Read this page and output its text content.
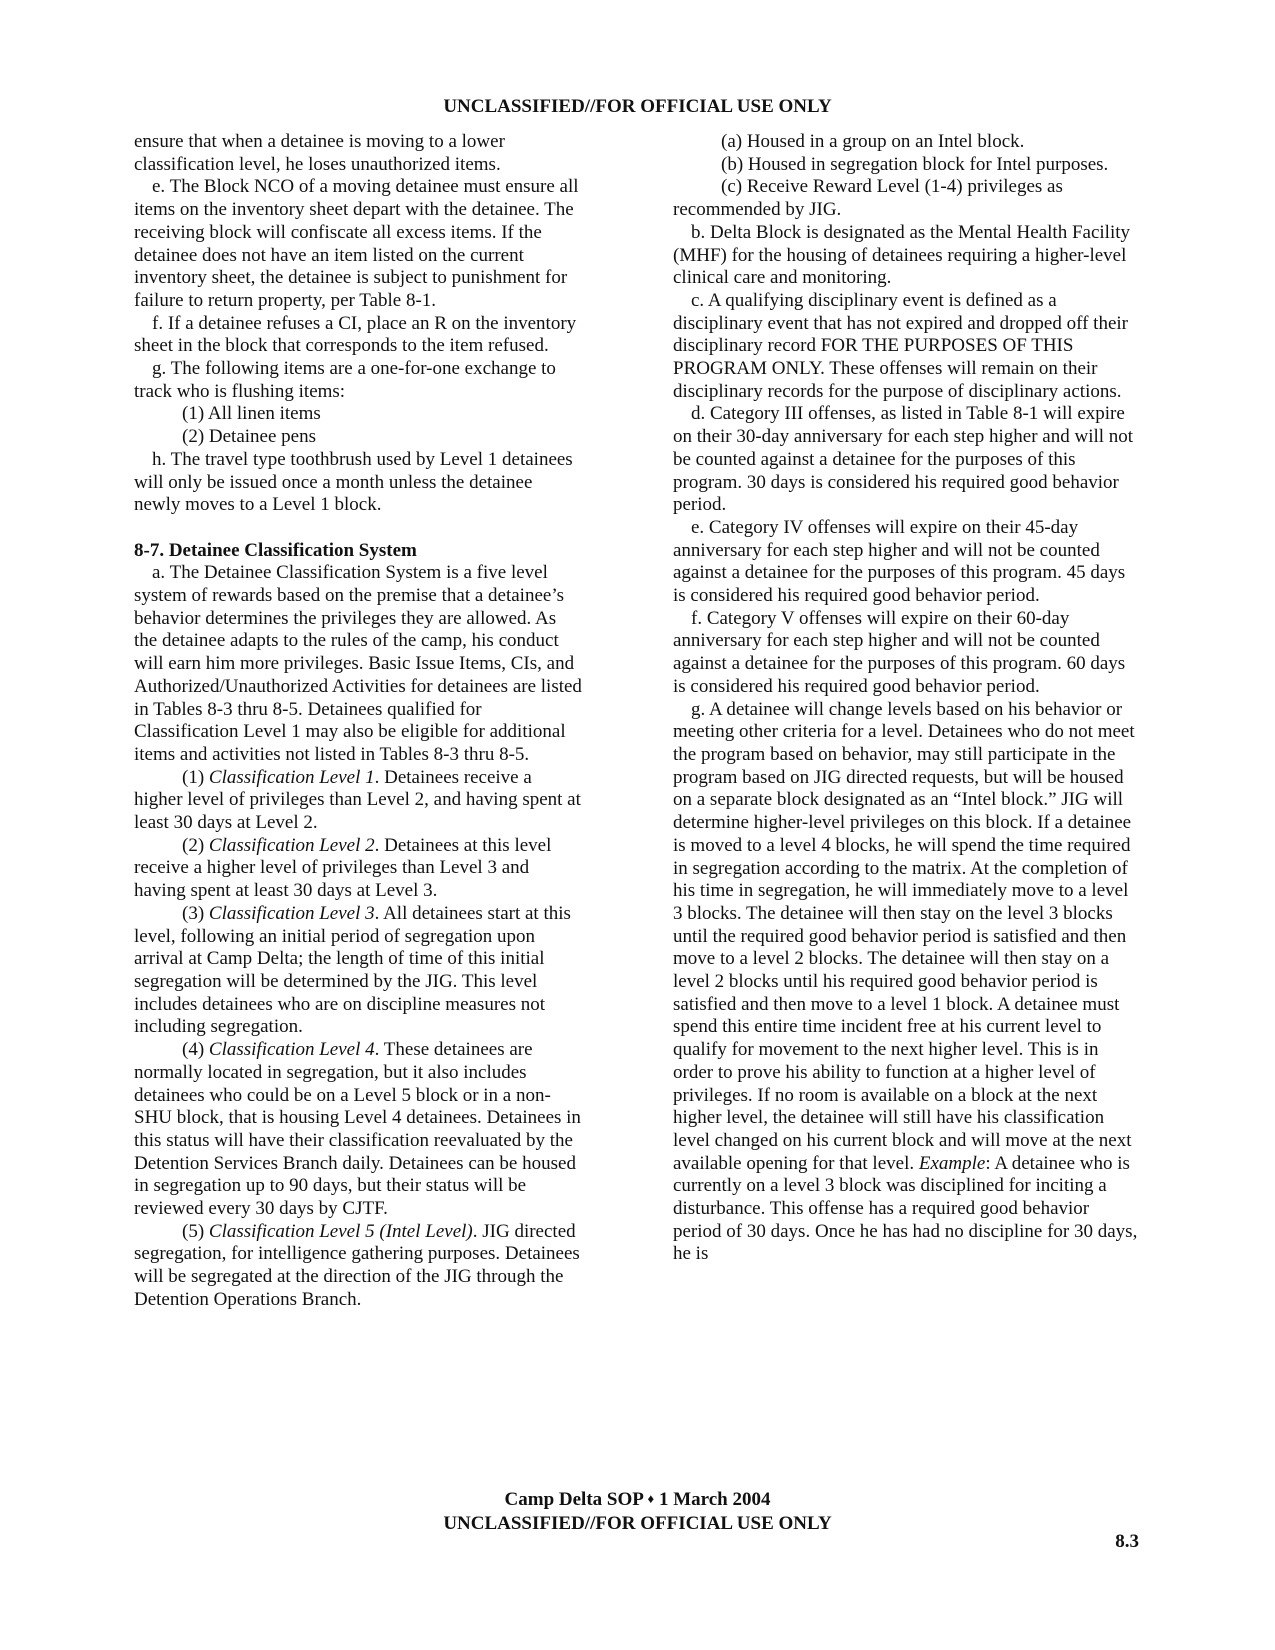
UNCLASSIFIED//FOR OFFICIAL USE ONLY

ensure that when a detainee is moving to a lower classification level, he loses unauthorized items.

e. The Block NCO of a moving detainee must ensure all items on the inventory sheet depart with the detainee. The receiving block will confiscate all excess items. If the detainee does not have an item listed on the current inventory sheet, the detainee is subject to punishment for failure to return property, per Table 8-1.

f. If a detainee refuses a CI, place an R on the inventory sheet in the block that corresponds to the item refused.

g. The following items are a one-for-one exchange to track who is flushing items:

(1) All linen items

(2) Detainee pens

h. The travel type toothbrush used by Level 1 detainees will only be issued once a month unless the detainee newly moves to a Level 1 block.

8-7. Detainee Classification System

a. The Detainee Classification System is a five level system of rewards based on the premise that a detainee’s behavior determines the privileges they are allowed. As the detainee adapts to the rules of the camp, his conduct will earn him more privileges. Basic Issue Items, CIs, and Authorized/Unauthorized Activities for detainees are listed in Tables 8-3 thru 8-5. Detainees qualified for Classification Level 1 may also be eligible for additional items and activities not listed in Tables 8-3 thru 8-5.

(1) Classification Level 1. Detainees receive a higher level of privileges than Level 2, and having spent at least 30 days at Level 2.

(2) Classification Level 2. Detainees at this level receive a higher level of privileges than Level 3 and having spent at least 30 days at Level 3.

(3) Classification Level 3. All detainees start at this level, following an initial period of segregation upon arrival at Camp Delta; the length of time of this initial segregation will be determined by the JIG. This level includes detainees who are on discipline measures not including segregation.

(4) Classification Level 4. These detainees are normally located in segregation, but it also includes detainees who could be on a Level 5 block or in a non-SHU block, that is housing Level 4 detainees. Detainees in this status will have their classification reevaluated by the Detention Services Branch daily. Detainees can be housed in segregation up to 90 days, but their status will be reviewed every 30 days by CJTF.

(5) Classification Level 5 (Intel Level). JIG directed segregation, for intelligence gathering purposes. Detainees will be segregated at the direction of the JIG through the Detention Operations Branch.

(a) Housed in a group on an Intel block.

(b) Housed in segregation block for Intel purposes.

(c) Receive Reward Level (1-4) privileges as recommended by JIG.

b. Delta Block is designated as the Mental Health Facility (MHF) for the housing of detainees requiring a higher-level clinical care and monitoring.

c. A qualifying disciplinary event is defined as a disciplinary event that has not expired and dropped off their disciplinary record FOR THE PURPOSES OF THIS PROGRAM ONLY. These offenses will remain on their disciplinary records for the purpose of disciplinary actions.

d. Category III offenses, as listed in Table 8-1 will expire on their 30-day anniversary for each step higher and will not be counted against a detainee for the purposes of this program. 30 days is considered his required good behavior period.

e. Category IV offenses will expire on their 45-day anniversary for each step higher and will not be counted against a detainee for the purposes of this program. 45 days is considered his required good behavior period.

f. Category V offenses will expire on their 60-day anniversary for each step higher and will not be counted against a detainee for the purposes of this program. 60 days is considered his required good behavior period.

g. A detainee will change levels based on his behavior or meeting other criteria for a level. Detainees who do not meet the program based on behavior, may still participate in the program based on JIG directed requests, but will be housed on a separate block designated as an “Intel block.” JIG will determine higher-level privileges on this block. If a detainee is moved to a level 4 blocks, he will spend the time required in segregation according to the matrix. At the completion of his time in segregation, he will immediately move to a level 3 blocks. The detainee will then stay on the level 3 blocks until the required good behavior period is satisfied and then move to a level 2 blocks. The detainee will then stay on a level 2 blocks until his required good behavior period is satisfied and then move to a level 1 block. A detainee must spend this entire time incident free at his current level to qualify for movement to the next higher level. This is in order to prove his ability to function at a higher level of privileges. If no room is available on a block at the next higher level, the detainee will still have his classification level changed on his current block and will move at the next available opening for that level. Example: A detainee who is currently on a level 3 block was disciplined for inciting a disturbance. This offense has a required good behavior period of 30 days. Once he has had no discipline for 30 days, he is

Camp Delta SOP ♦ 1 March 2004
UNCLASSIFIED//FOR OFFICIAL USE ONLY
8.3
